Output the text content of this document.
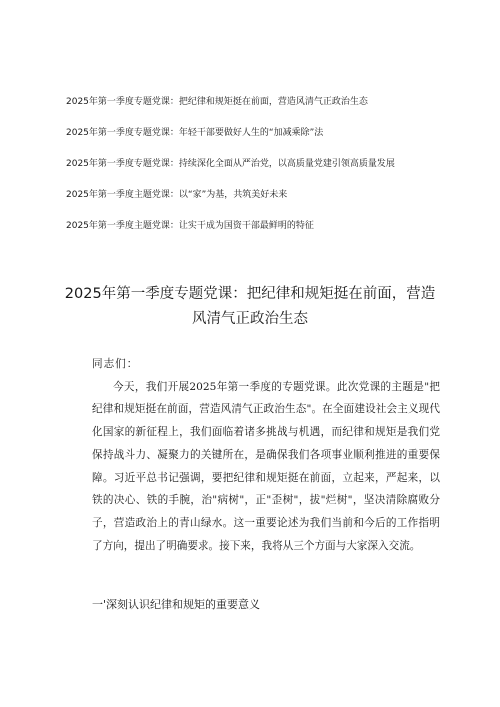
2025年第一季度专题党课：把纪律和规矩挺在前面，营造风清气正政治生态
2025年第一季度专题党课：年轻干部要做好人生的“加减乘除”法
2025年第一季度专题党课：持续深化全面从严治党，以高质量党建引领高质量发展
2025年第一季度主题党课：以“家”为基，共筑美好未来
2025年第一季度主题党课：让实干成为国资干部最鲜明的特征
2025年第一季度专题党课：把纪律和规矩挺在前面，营造风清气正政治生态

同志们：

今天，我们开展2025年第一季度的专题党课。此次党课的主题是"把纪律和规矩挺在前面，营造风清气正政治生态"。在全面建设社会主义现代化国家的新征程上，我们面临着诸多挑战与机遇，而纪律和规矩是我们党保持战斗力、凝聚力的关键所在，是确保我们各项事业顺利推进的重要保障。习近平总书记强调，要把纪律和规矩挺在前面，立起来，严起来，以铁的决心、铁的手腕，治"病树"，正"歪树"，拔"烂树"，坚决清除腐败分子，营造政治上的青山绿水。这一重要论述为我们当前和今后的工作指明了方向，提出了明确要求。接下来，我将从三个方面与大家深入交流。

一'深刻认识纪律和规矩的重要意义
